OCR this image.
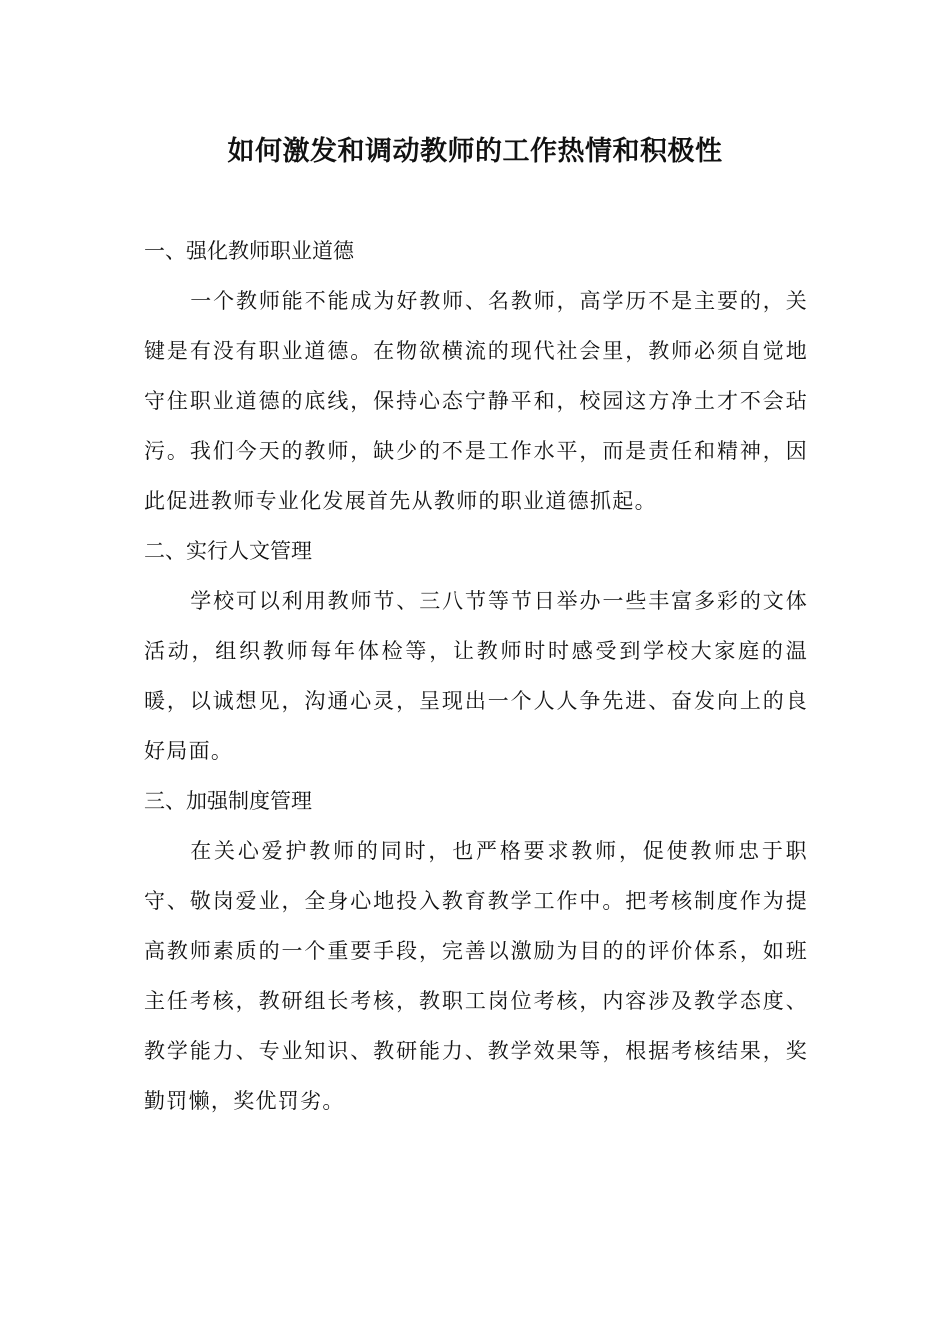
如何激发和调动教师的工作热情和积极性
一、强化教师职业道德

一个教师能不能成为好教师、名教师，高学历不是主要的，关键是有没有职业道德。在物欲横流的现代社会里，教师必须自觉地守住职业道德的底线，保持心态宁静平和，校园这方净土才不会玷污。我们今天的教师，缺少的不是工作水平，而是责任和精神，因此促进教师专业化发展首先从教师的职业道德抓起。

二、实行人文管理

学校可以利用教师节、三八节等节日举办一些丰富多彩的文体活动，组织教师每年体检等，让教师时时感受到学校大家庭的温暖，以诚想见，沟通心灵，呈现出一个人人争先进、奋发向上的良好局面。

三、加强制度管理

在关心爱护教师的同时，也严格要求教师，促使教师忠于职守、敬岗爱业，全身心地投入教育教学工作中。把考核制度作为提高教师素质的一个重要手段，完善以激励为目的的评价体系，如班主任考核，教研组长考核，教职工岗位考核，内容涉及教学态度、教学能力、专业知识、教研能力、教学效果等，根据考核结果，奖勤罚懒，奖优罚劣。
